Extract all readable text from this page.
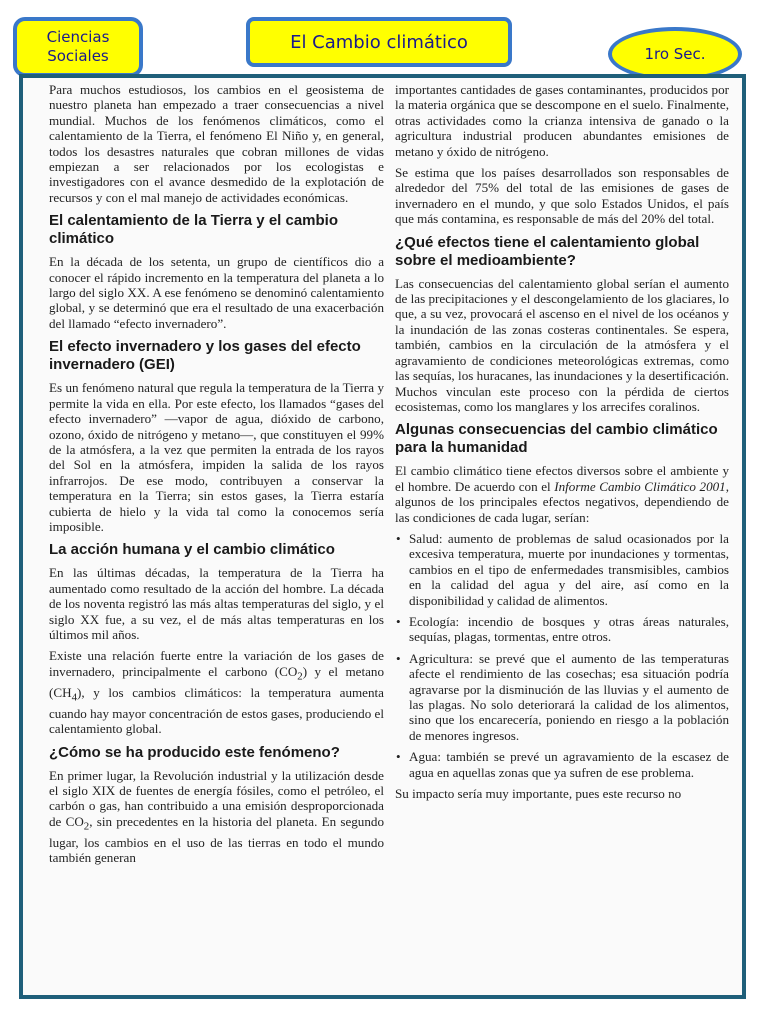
Ciencias
Sociales
El Cambio climático
1ro Sec.

Para muchos estudiosos, los cambios en el geosistema de nuestro planeta han empezado a traer consecuencias a nivel mundial. Muchos de los fenómenos climáticos, como el calentamiento de la Tierra, el fenómeno El Niño y, en general, todos los desastres naturales que cobran millones de vidas empiezan a ser relacionados por los ecologistas e investigadores con el avance desmedido de la explotación de recursos y con el mal manejo de actividades económicas.

El calentamiento de la Tierra y el cambio climático

En la década de los setenta, un grupo de científicos dio a conocer el rápido incremento en la temperatura del planeta a lo largo del siglo XX. A ese fenómeno se denominó calentamiento global, y se determinó que era el resultado de una exacerbación del llamado “efecto invernadero”.

El efecto invernadero y los gases del efecto invernadero (GEI)

Es un fenómeno natural que regula la temperatura de la Tierra y permite la vida en ella. Por este efecto, los llamados “gases del efecto invernadero” —vapor de agua, dióxido de carbono, ozono, óxido de nitrógeno y metano—, que constituyen el 99% de la atmósfera, a la vez que permiten la entrada de los rayos del Sol en la atmósfera, impiden la salida de los rayos infrarrojos. De ese modo, contribuyen a conservar la temperatura en la Tierra; sin estos gases, la Tierra estaría cubierta de hielo y la vida tal como la conocemos sería imposible.

La acción humana y el cambio climático

En las últimas décadas, la temperatura de la Tierra ha aumentado como resultado de la acción del hombre. La década de los noventa registró las más altas temperaturas del siglo, y el siglo XX fue, a su vez, el de más altas temperaturas en los últimos mil años.

Existe una relación fuerte entre la variación de los gases de invernadero, principalmente el carbono $(CO_2)$ y el metano $(CH_4)$, y los cambios climáticos: la temperatura aumenta cuando hay mayor concentración de estos gases, produciendo el calentamiento global.

¿Cómo se ha producido este fenómeno?

En primer lugar, la Revolución industrial y la utilización desde el siglo XIX de fuentes de energía fósiles, como el petróleo, el carbón o gas, han contribuido a una emisión desproporcionada de $CO_2$, sin precedentes en la historia del planeta. En segundo lugar, los cambios en el uso de las tierras en todo el mundo también generan

importantes cantidades de gases contaminantes, producidos por la materia orgánica que se descompone en el suelo. Finalmente, otras actividades como la crianza intensiva de ganado o la agricultura industrial producen abundantes emisiones de metano y óxido de nitrógeno.

Se estima que los países desarrollados son responsables de alrededor del 75% del total de las emisiones de gases de invernadero en el mundo, y que solo Estados Unidos, el país que más contamina, es responsable de más del 20% del total.

¿Qué efectos tiene el calentamiento global sobre el medioambiente?

Las consecuencias del calentamiento global serían el aumento de las precipitaciones y el descongelamiento de los glaciares, lo que, a su vez, provocará el ascenso en el nivel de los océanos y la inundación de las zonas costeras continentales. Se espera, también, cambios en la circulación de la atmósfera y el agravamiento de condiciones meteorológicas extremas, como las sequías, los huracanes, las inundaciones y la desertificación. Muchos vinculan este proceso con la pérdida de ciertos ecosistemas, como los manglares y los arrecifes coralinos.

Algunas consecuencias del cambio climático para la humanidad

El cambio climático tiene efectos diversos sobre el ambiente y el hombre. De acuerdo con el Informe Cambio Climático 2001, algunos de los principales efectos negativos, dependiendo de las condiciones de cada lugar, serían:

• Salud: aumento de problemas de salud ocasionados por la excesiva temperatura, muerte por inundaciones y tormentas, cambios en el tipo de enfermedades transmisibles, cambios en la calidad del agua y del aire, así como en la disponibilidad y calidad de alimentos.
• Ecología: incendio de bosques y otras áreas naturales, sequías, plagas, tormentas, entre otros.
• Agricultura: se prevé que el aumento de las temperaturas afecte el rendimiento de las cosechas; esa situación podría agravarse por la disminución de las lluvias y el aumento de las plagas. No solo deteriorará la calidad de los alimentos, sino que los encarecería, poniendo en riesgo a la población de menores ingresos.
• Agua: también se prevé un agravamiento de la escasez de agua en aquellas zonas que ya sufren de ese problema.

Su impacto sería muy importante, pues este recurso no
